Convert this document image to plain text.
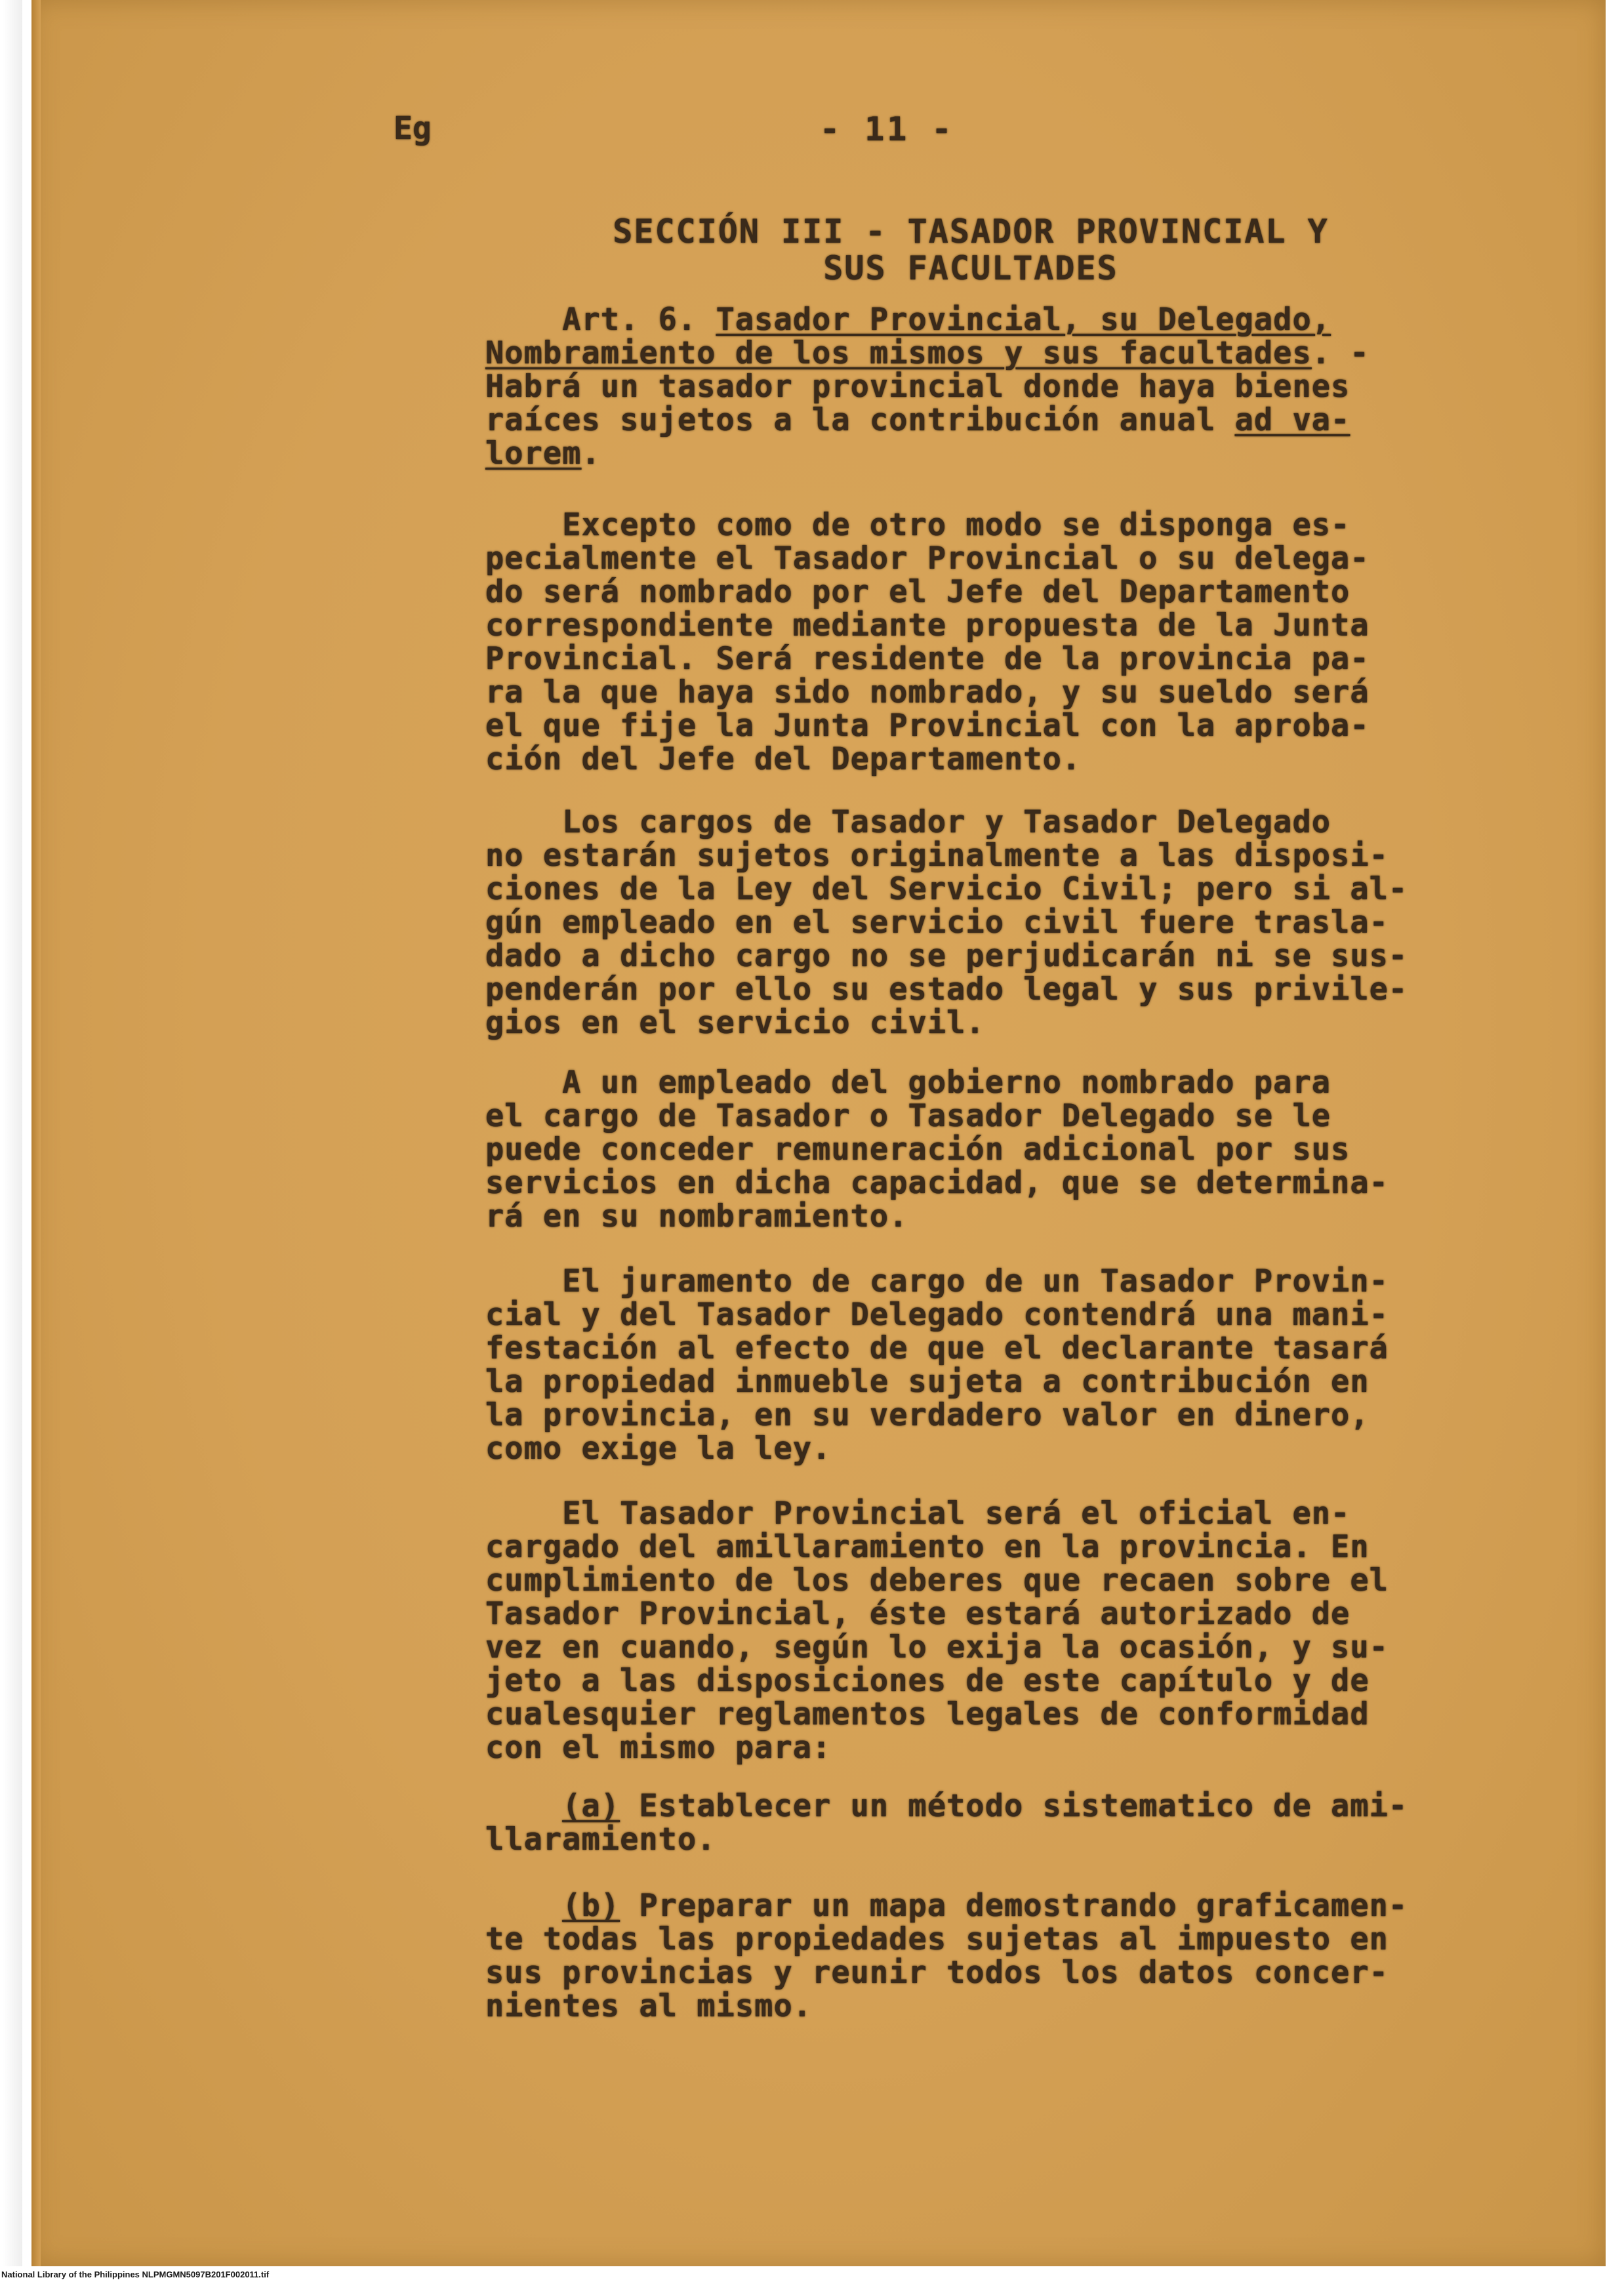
Eg	- 11 -
SECCIÓN III - TASADOR PROVINCIAL Y
SUS FACULTADES
Art. 6. Tasador Provincial, su Delegado,
Nombramiento de los mismos y sus facultades. -
Habrá un tasador provincial donde haya bienes
raíces sujetos a la contribución anual ad va-
lorem.
Excepto como de otro modo se disponga es-
pecialmente el Tasador Provincial o su delega-
do será nombrado por el Jefe del Departamento
correspondiente mediante propuesta de la Junta
Provincial. Será residente de la provincia pa-
ra la que haya sido nombrado, y su sueldo será
el que fije la Junta Provincial con la aproba-
ción del Jefe del Departamento.
Los cargos de Tasador y Tasador Delegado
no estarán sujetos originalmente a las disposi-
ciones de la Ley del Servicio Civil; pero si al-
gún empleado en el servicio civil fuere trasla-
dado a dicho cargo no se perjudicarán ni se sus-
penderán por ello su estado legal y sus privile-
gios en el servicio civil.
A un empleado del gobierno nombrado para
el cargo de Tasador o Tasador Delegado se le
puede conceder remuneración adicional por sus
servicios en dicha capacidad, que se determina-
rá en su nombramiento.
El juramento de cargo de un Tasador Provin-
cial y del Tasador Delegado contendrá una mani-
festación al efecto de que el declarante tasará
la propiedad inmueble sujeta a contribución en
la provincia, en su verdadero valor en dinero,
como exige la ley.
El Tasador Provincial será el oficial en-
cargado del amillaramiento en la provincia. En
cumplimiento de los deberes que recaen sobre el
Tasador Provincial, éste estará autorizado de
vez en cuando, según lo exija la ocasión, y su-
jeto a las disposiciones de este capítulo y de
cualesquier reglamentos legales de conformidad
con el mismo para:
(a) Establecer un método sistematico de ami-
llaramiento.
(b) Preparar un mapa demostrando graficamen-
te todas las propiedades sujetas al impuesto en
sus provincias y reunir todos los datos concer-
nientes al mismo.
National Library of the Philippines NLPMGMN5097B201F002011.tif
